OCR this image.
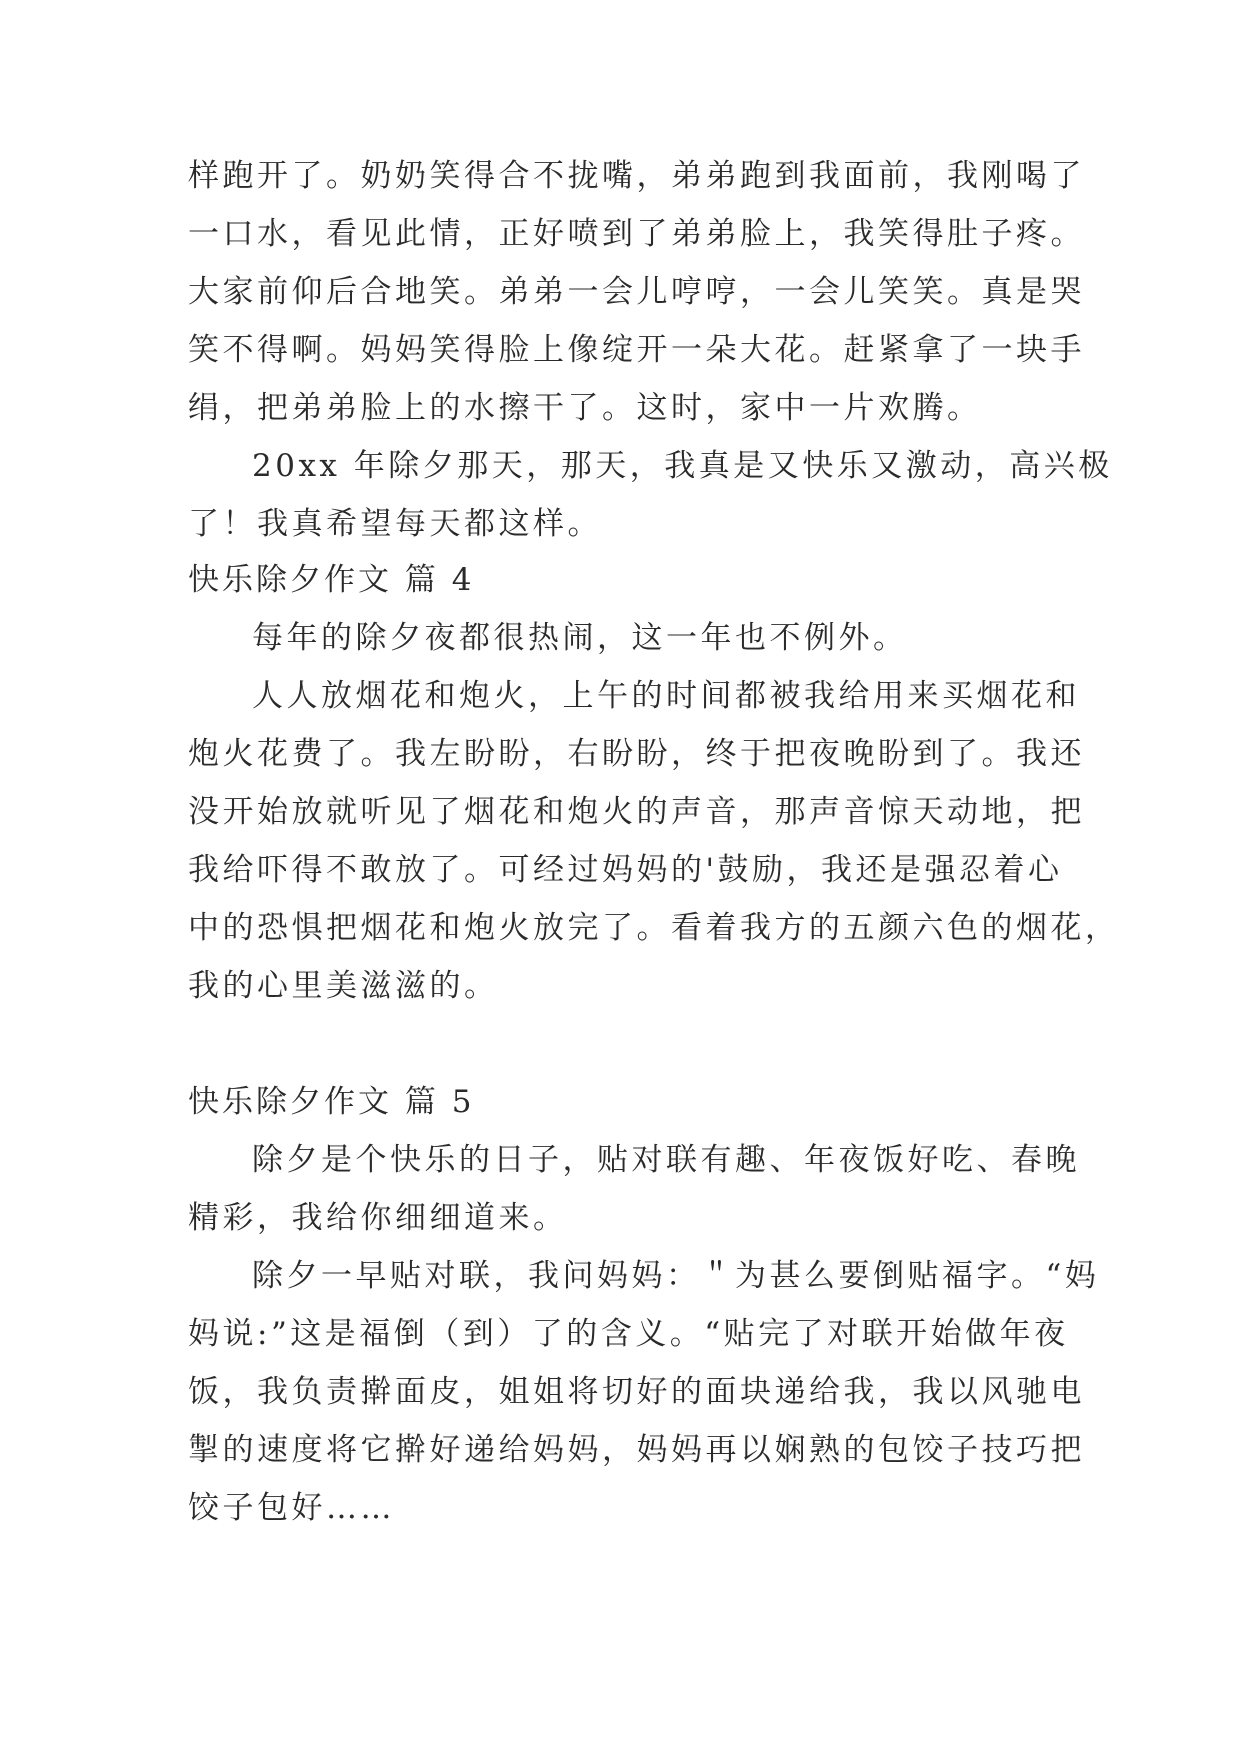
样跑开了。奶奶笑得合不拢嘴，弟弟跑到我面前，我刚喝了
一口水，看见此情，正好喷到了弟弟脸上，我笑得肚子疼。
大家前仰后合地笑。弟弟一会儿哼哼，一会儿笑笑。真是哭
笑不得啊。妈妈笑得脸上像绽开一朵大花。赶紧拿了一块手
绢，把弟弟脸上的水擦干了。这时，家中一片欢腾。
20xx 年除夕那天，那天，我真是又快乐又激动，高兴极
了！我真希望每天都这样。
快乐除夕作文 篇 4
每年的除夕夜都很热闹，这一年也不例外。
人人放烟花和炮火，上午的时间都被我给用来买烟花和
炮火花费了。我左盼盼，右盼盼，终于把夜晚盼到了。我还
没开始放就听见了烟花和炮火的声音，那声音惊天动地，把
我给吓得不敢放了。可经过妈妈的'鼓励，我还是强忍着心
中的恐惧把烟花和炮火放完了。看着我方的五颜六色的烟花，
我的心里美滋滋的。
快乐除夕作文 篇 5
除夕是个快乐的日子，贴对联有趣、年夜饭好吃、春晚
精彩，我给你细细道来。
除夕一早贴对联，我问妈妈：＂为甚么要倒贴福字。“妈
妈说:”这是福倒（到）了的含义。“贴完了对联开始做年夜
饭，我负责擀面皮，姐姐将切好的面块递给我，我以风驰电
掣的速度将它擀好递给妈妈，妈妈再以娴熟的包饺子技巧把
饺子包好……
